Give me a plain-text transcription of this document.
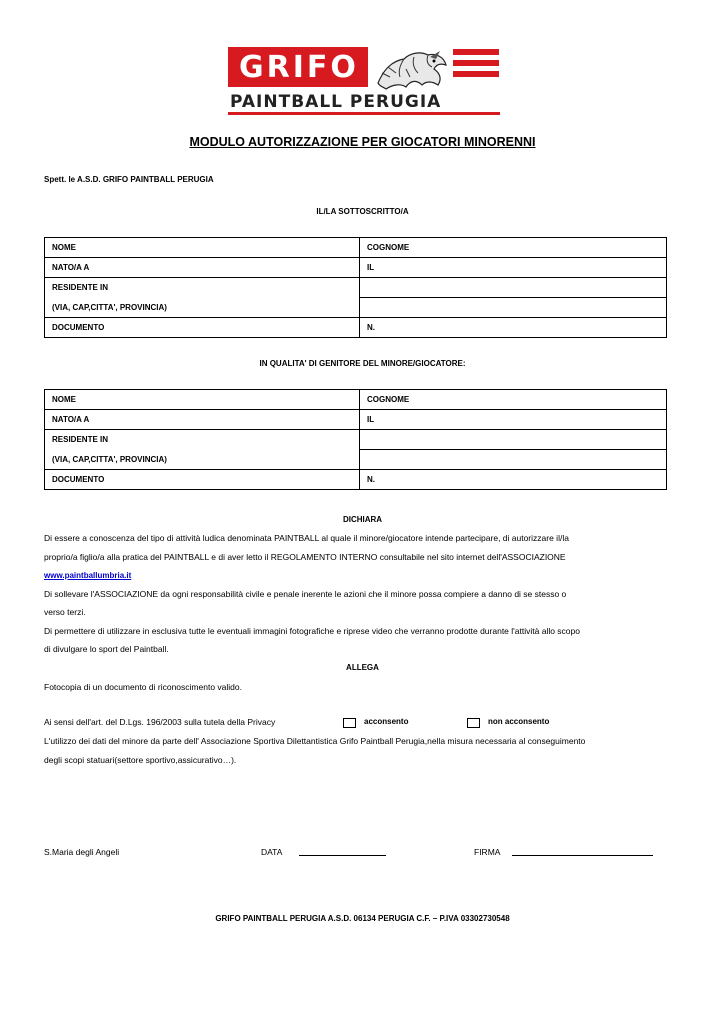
GRIFO
PAINTBALL PERUGIA
MODULO AUTORIZZAZIONE PER GIOCATORI MINORENNI
Spett. le A.S.D. GRIFO PAINTBALL PERUGIA
IL/LA SOTTOSCRITTO/A
NOME	COGNOME
NATO/A A	IL
RESIDENTE IN	
(VIA, CAP,CITTA', PROVINCIA)	
DOCUMENTO	N.
IN QUALITA' DI GENITORE DEL MINORE/GIOCATORE:
NOME	COGNOME
NATO/A A	IL
RESIDENTE IN	
(VIA, CAP,CITTA', PROVINCIA)	
DOCUMENTO	N.
DICHIARA
Di essere a conoscenza del tipo di attività ludica denominata PAINTBALL al quale il minore/giocatore intende partecipare, di autorizzare il/la
proprio/a figlio/a alla pratica del PAINTBALL e di aver letto il REGOLAMENTO INTERNO consultabile nel sito internet dell'ASSOCIAZIONE
www.paintballumbria.it
Di sollevare l'ASSOCIAZIONE da ogni responsabilità civile e penale inerente le azioni che il minore possa compiere a danno di se stesso o
verso terzi.
Di permettere di utilizzare in esclusiva tutte le eventuali immagini fotografiche e riprese video che verranno prodotte durante l'attività allo scopo
di divulgare lo sport del Paintball.
ALLEGA
Fotocopia di un documento di riconoscimento valido.
Ai sensi dell'art. del D.Lgs. 196/2003 sulla tutela della Privacy	acconsento	non acconsento
L'utilizzo dei dati del minore da parte dell' Associazione Sportiva Dilettantistica Grifo Paintball Perugia,nella misura necessaria al conseguimento
degli scopi statuari(settore sportivo,assicurativo…).
S.Maria degli Angeli	DATA	FIRMA
GRIFO PAINTBALL PERUGIA A.S.D. 06134 PERUGIA C.F. – P.IVA 03302730548
